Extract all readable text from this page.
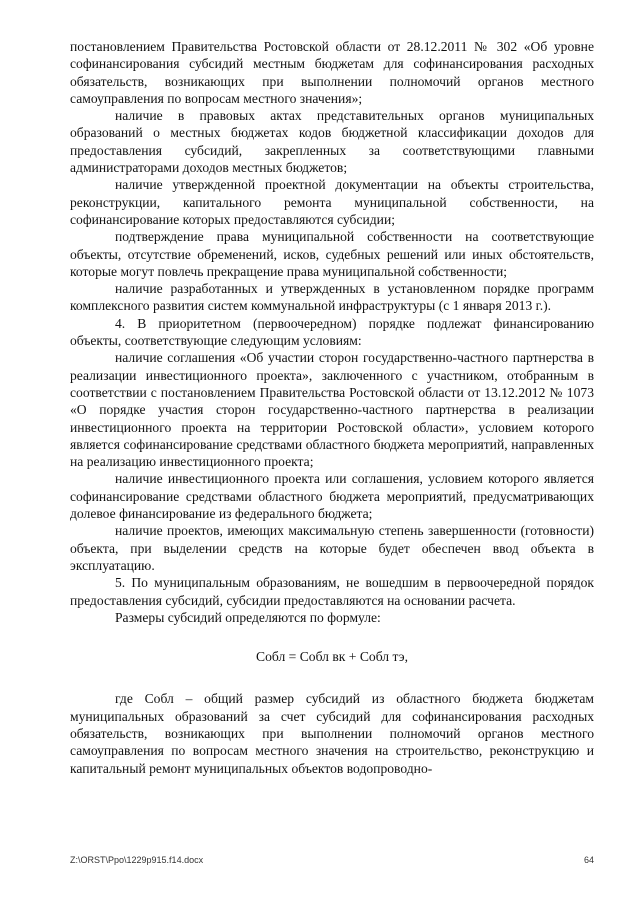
постановлением Правительства Ростовской области от 28.12.2011 № 302 «Об уровне софинансирования субсидий местным бюджетам для софинансирования расходных обязательств, возникающих при выполнении полномочий органов местного самоуправления по вопросам местного значения»;

наличие в правовых актах представительных органов муниципальных образований о местных бюджетах кодов бюджетной классификации доходов для предоставления субсидий, закрепленных за соответствующими главными администраторами доходов местных бюджетов;

наличие утвержденной проектной документации на объекты строительства, реконструкции, капитального ремонта муниципальной собственности, на софинансирование которых предоставляются субсидии;

подтверждение права муниципальной собственности на соответствующие объекты, отсутствие обременений, исков, судебных решений или иных обстоятельств, которые могут повлечь прекращение права муниципальной собственности;

наличие разработанных и утвержденных в установленном порядке программ комплексного развития систем коммунальной инфраструктуры (с 1 января 2013 г.).

4. В приоритетном (первоочередном) порядке подлежат финансированию объекты, соответствующие следующим условиям:

наличие соглашения «Об участии сторон государственно-частного партнерства в реализации инвестиционного проекта», заключенного с участником, отобранным в соответствии с постановлением Правительства Ростовской области от 13.12.2012 № 1073 «О порядке участия сторон государственно-частного партнерства в реализации инвестиционного проекта на территории Ростовской области», условием которого является софинансирование средствами областного бюджета мероприятий, направленных на реализацию инвестиционного проекта;

наличие инвестиционного проекта или соглашения, условием которого является софинансирование средствами областного бюджета мероприятий, предусматривающих долевое финансирование из федерального бюджета;

наличие проектов, имеющих максимальную степень завершенности (готовности) объекта, при выделении средств на которые будет обеспечен ввод объекта в эксплуатацию.

5. По муниципальным образованиям, не вошедшим в первоочередной порядок предоставления субсидий, субсидии предоставляются на основании расчета.

Размеры субсидий определяются по формуле:

Собл = Собл вк + Собл тэ,

где Собл – общий размер субсидий из областного бюджета бюджетам муниципальных образований за счет субсидий для софинансирования расходных обязательств, возникающих при выполнении полномочий органов местного самоуправления по вопросам местного значения на строительство, реконструкцию и капитальный ремонт муниципальных объектов водопроводно-

Z:\ORST\Ppo\1229p915.f14.docx	64
